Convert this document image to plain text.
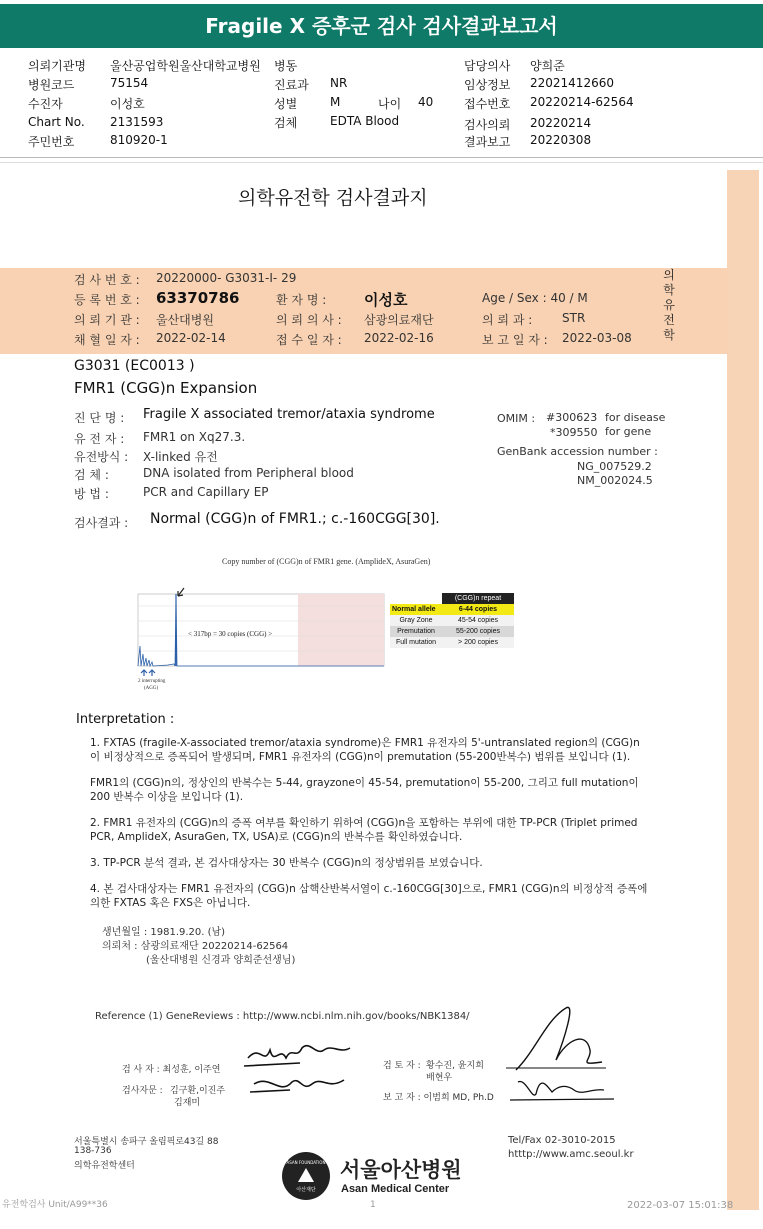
Fragile X 증후군 검사 검사결과보고서
의뢰기관명 울산공업학원울산대학교병원
병원코드	75154
수진자	이성호
Chart No. 2131593
주민번호	810920-1
병동
진료과 NR
성별	M	나이 40
검체	EDTA Blood
담당의사 양희준
임상정보 22021412660
접수번호 20220214-62564
검사의뢰 20220214
결과보고 20220308
의학유전학 검사결과지
의
학
유
전
학
검 사 번 호 : 20220000- G3031-I- 29
등 록 번 호 : 63370786	환 자 명 :	이성호	Age / Sex : 40 / M
의 뢰 기 관 : 울산대병원	의 뢰 의 사 : 삼광의료재단	의 뢰 과 : STR
채 혈 일 자 : 2022-02-14	접 수 일 자 : 2022-02-16	보 고 일 자 : 2022-03-08
G3031 (EC0013 )
FMR1 (CGG)n Expansion
진 단 명 : Fragile X associated tremor/ataxia syndrome
유 전 자 : FMR1 on Xq27.3.
유전방식 : X-linked 유전
검 체 :	DNA isolated from Peripheral blood
방 법 :	PCR and Capillary EP
OMIM : #300623 for disease
*309550 for gene
GenBank accession number :
NG_007529.2
NM_002024.5
검사결과 : Normal (CGG)n of FMR1.; c.-160CGG[30].
Copy number of (CGG)n of FMR1 gene. (AmplideX, AsuraGen)
< 317bp = 30 copies (CGG) >
2 interrupting
(AGG)
	(CGG)n repeat
Normal allele	6-44 copies
Gray Zone	45-54 copies
Premutation	55-200 copies
Full mutation	> 200 copies
Interpretation :
1. FXTAS (fragile-X-associated tremor/ataxia syndrome)은 FMR1 유전자의 5'-untranslated region의 (CGG)n 이 비정상적으로 증폭되어 발생되며, FMR1 유전자의 (CGG)n이 premutation (55-200반복수) 범위를 보입니다 (1).
FMR1의 (CGG)n의, 정상인의 반복수는 5-44, grayzone이 45-54, premutation이 55-200, 그리고 full mutation이 200 반복수 이상을 보입니다 (1).
2. FMR1 유전자의 (CGG)n의 증폭 여부를 확인하기 위하여 (CGG)n을 포함하는 부위에 대한 TP-PCR (Triplet primed PCR, AmplideX, AsuraGen, TX, USA)로 (CGG)n의 반복수를 확인하였습니다.
3. TP-PCR 분석 결과, 본 검사대상자는 30 반복수 (CGG)n의 정상범위를 보였습니다.
4. 본 검사대상자는 FMR1 유전자의 (CGG)n 삼핵산반복서열이 c.-160CGG[30]으로, FMR1 (CGG)n의 비정상적 증폭에 의한 FXTAS 혹은 FXS은 아닙니다.
생년월일 : 1981.9.20. (남)
의뢰처 : 삼광의료재단 20220214-62564
(울산대병원 신경과 양희준선생님)
Reference (1) GeneReviews : http://www.ncbi.nlm.nih.gov/books/NBK1384/
검 사 자 : 최성훈, 이주연
검사자문 : 김구환,이진주
김재미
검 토 자 : 황수진, 윤지희
배현우
보 고 자 : 이범희 MD, Ph.D
서울특별시 송파구 올림픽로43길 88
138-736
의학유전학센터
Tel/Fax 02-3010-2015
htttp://www.amc.seoul.kr
ASAN FOUNDATION
아산재단
서울아산병원
Asan Medical Center
유전학검사 Unit/A99**36	1	2022-03-07 15:01:38
